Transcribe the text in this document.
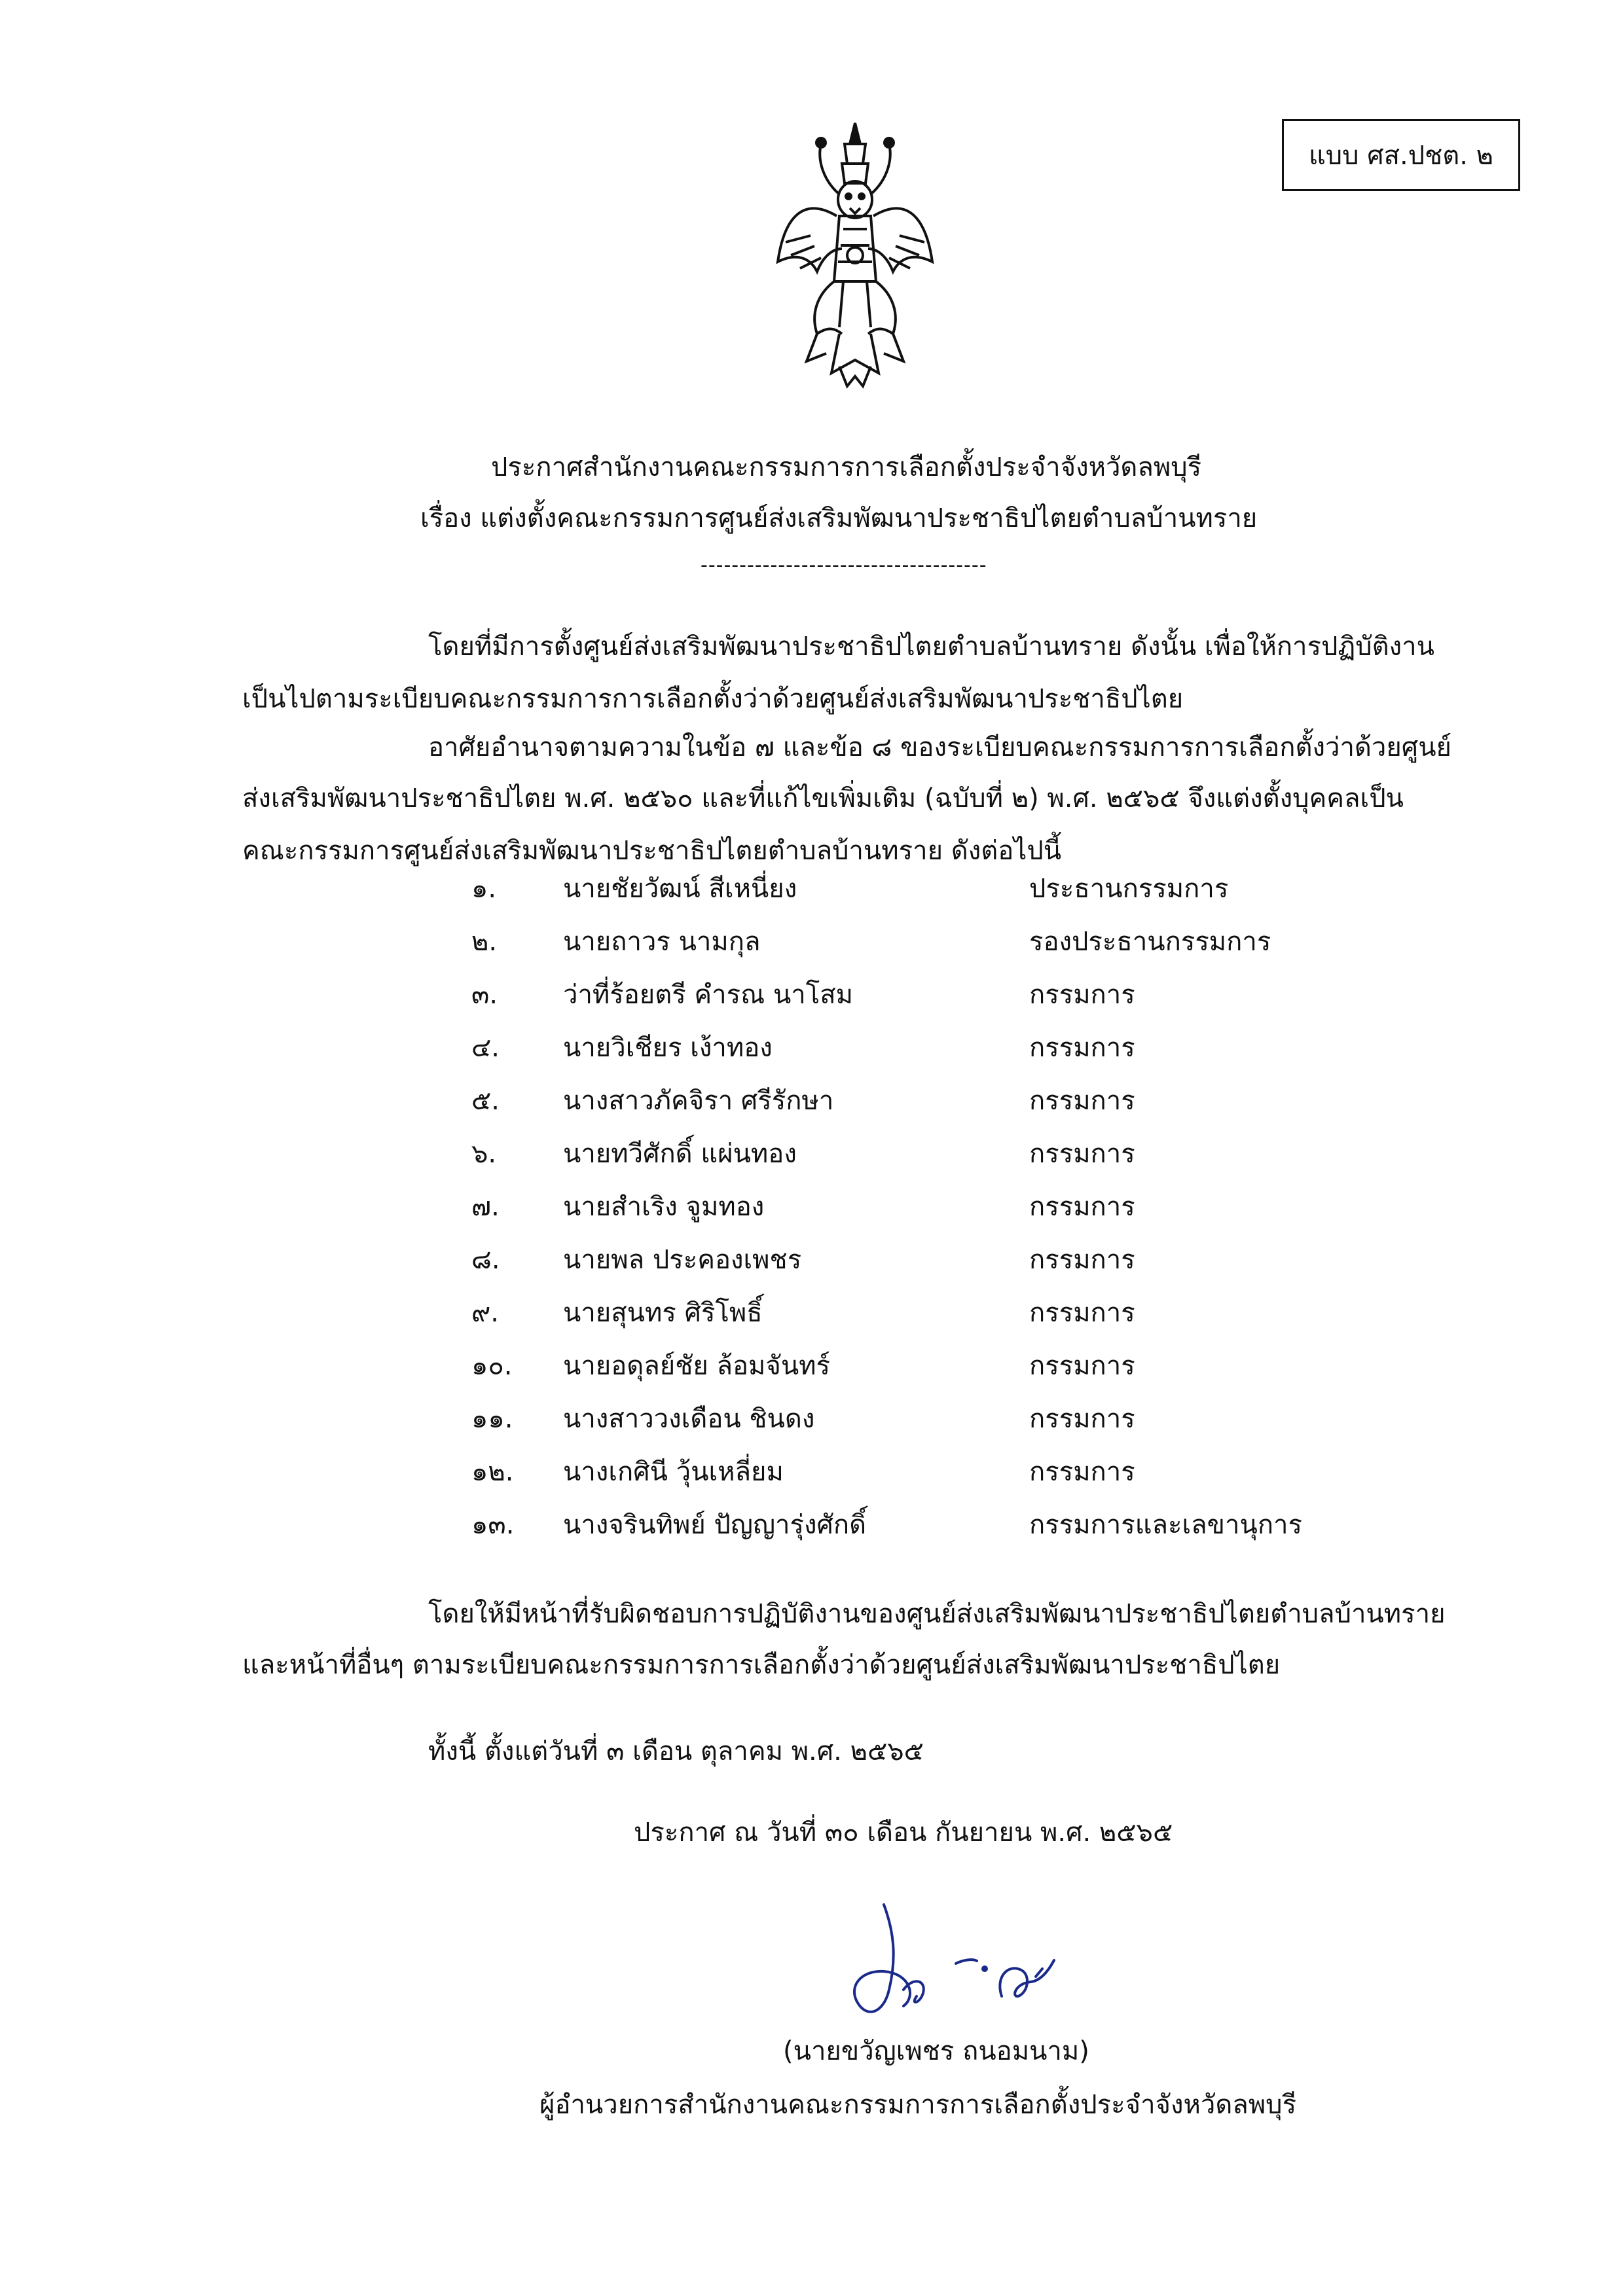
แบบ ศส.ปชต. ๒
ประกาศสำนักงานคณะกรรมการการเลือกตั้งประจำจังหวัดลพบุรี
เรื่อง แต่งตั้งคณะกรรมการศูนย์ส่งเสริมพัฒนาประชาธิปไตยตำบลบ้านทราย
-------------------------------------
โดยที่มีการตั้งศูนย์ส่งเสริมพัฒนาประชาธิปไตยตำบลบ้านทราย ดังนั้น เพื่อให้การปฏิบัติงาน
เป็นไปตามระเบียบคณะกรรมการการเลือกตั้งว่าด้วยศูนย์ส่งเสริมพัฒนาประชาธิปไตย
อาศัยอำนาจตามความในข้อ ๗ และข้อ ๘ ของระเบียบคณะกรรมการการเลือกตั้งว่าด้วยศูนย์
ส่งเสริมพัฒนาประชาธิปไตย พ.ศ. ๒๕๖๐ และที่แก้ไขเพิ่มเติม (ฉบับที่ ๒) พ.ศ. ๒๕๖๕ จึงแต่งตั้งบุคคลเป็น
คณะกรรมการศูนย์ส่งเสริมพัฒนาประชาธิปไตยตำบลบ้านทราย ดังต่อไปนี้
๑.	นายชัยวัฒน์ สีเหนี่ยง	ประธานกรรมการ
๒.	นายถาวร นามกุล	รองประธานกรรมการ
๓. ว่าที่ร้อยตรี คำรณ นาโสม	กรรมการ
๔. นายวิเชียร เง้าทอง	กรรมการ
๕. นางสาวภัคจิรา ศรีรักษา	กรรมการ
๖.	นายทวีศักดิ์ แผ่นทอง	กรรมการ
๗. นายสำเริง จูมทอง	กรรมการ
๘. นายพล ประคองเพชร	กรรมการ
๙. นายสุนทร ศิริโพธิ์	กรรมการ
๑๐. นายอดุลย์ชัย ล้อมจันทร์	กรรมการ
๑๑. นางสาววงเดือน ชินดง	กรรมการ
๑๒. นางเกศินี วุ้นเหลี่ยม	กรรมการ
๑๓. นางจรินทิพย์ ปัญญารุ่งศักดิ์	กรรมการและเลขานุการ
โดยให้มีหน้าที่รับผิดชอบการปฏิบัติงานของศูนย์ส่งเสริมพัฒนาประชาธิปไตยตำบลบ้านทราย
และหน้าที่อื่นๆ ตามระเบียบคณะกรรมการการเลือกตั้งว่าด้วยศูนย์ส่งเสริมพัฒนาประชาธิปไตย
ทั้งนี้ ตั้งแต่วันที่ ๓ เดือน ตุลาคม พ.ศ. ๒๕๖๕
ประกาศ ณ วันที่ ๓๐ เดือน กันยายน พ.ศ. ๒๕๖๕
(นายขวัญเพชร ถนอมนาม)
ผู้อำนวยการสำนักงานคณะกรรมการการเลือกตั้งประจำจังหวัดลพบุรี
